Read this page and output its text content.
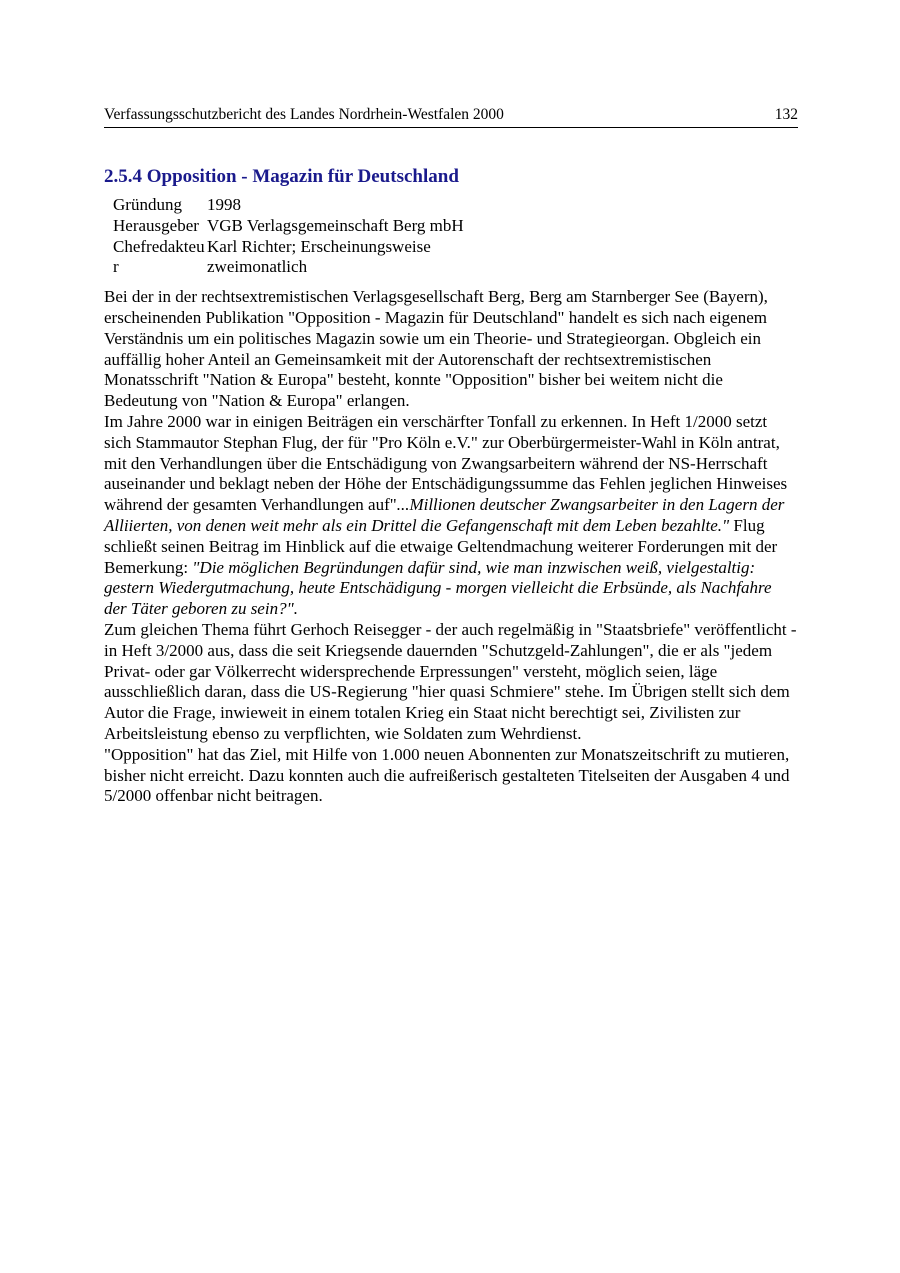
Verfassungsschutzbericht des Landes Nordrhein-Westfalen 2000	132
2.5.4 Opposition - Magazin für Deutschland
Gründung	1998
Herausgeber VGB Verlagsgemeinschaft Berg mbH
Chefredakteur
Karl Richter; Erscheinungsweise zweimonatlich

Bei der in der rechtsextremistischen Verlagsgesellschaft Berg, Berg am Starnberger See (Bayern), erscheinenden Publikation "Opposition - Magazin für Deutschland" handelt es sich nach eigenem Verständnis um ein politisches Magazin sowie um ein Theorie- und Strategieorgan. Obgleich ein auffällig hoher Anteil an Gemeinsamkeit mit der Autorenschaft der rechtsextremistischen Monatsschrift "Nation & Europa" besteht, konnte "Opposition" bisher bei weitem nicht die Bedeutung von "Nation & Europa" erlangen.

Im Jahre 2000 war in einigen Beiträgen ein verschärfter Tonfall zu erkennen. In Heft 1/2000 setzt sich Stammautor Stephan Flug, der für "Pro Köln e.V." zur Oberbürgermeister-Wahl in Köln antrat, mit den Verhandlungen über die Entschädigung von Zwangsarbeitern während der NS-Herrschaft auseinander und beklagt neben der Höhe der Entschädigungssumme das Fehlen jeglichen Hinweises während der gesamten Verhandlungen auf"...Millionen deutscher Zwangsarbeiter in den Lagern der Alliierten, von denen weit mehr als ein Drittel die Gefangenschaft mit dem Leben bezahlte." Flug schließt seinen Beitrag im Hinblick auf die etwaige Geltendmachung weiterer Forderungen mit der Bemerkung: "Die möglichen Begründungen dafür sind, wie man inzwischen weiß, vielgestaltig: gestern Wiedergutmachung, heute Entschädigung - morgen vielleicht die Erbsünde, als Nachfahre der Täter geboren zu sein?".

Zum gleichen Thema führt Gerhoch Reisegger - der auch regelmäßig in "Staatsbriefe" veröffentlicht - in Heft 3/2000 aus, dass die seit Kriegsende dauernden "Schutzgeld-Zahlungen", die er als "jedem Privat- oder gar Völkerrecht widersprechende Erpressungen" versteht, möglich seien, läge ausschließlich daran, dass die US-Regierung "hier quasi Schmiere" stehe. Im Übrigen stellt sich dem Autor die Frage, inwieweit in einem totalen Krieg ein Staat nicht berechtigt sei, Zivilisten zur Arbeitsleistung ebenso zu verpflichten, wie Soldaten zum Wehrdienst.

"Opposition" hat das Ziel, mit Hilfe von 1.000 neuen Abonnenten zur Monatszeitschrift zu mutieren, bisher nicht erreicht. Dazu konnten auch die aufreißerisch gestalteten Titelseiten der Ausgaben 4 und 5/2000 offenbar nicht beitragen.
